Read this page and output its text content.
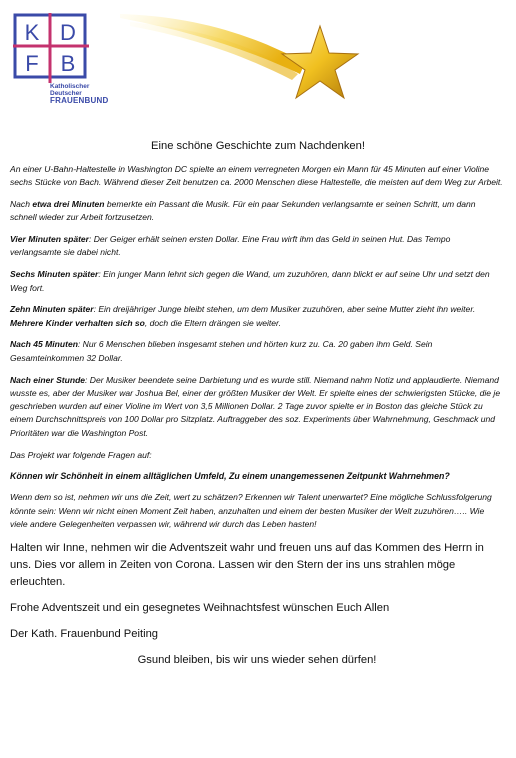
K D
F B
Katholischer Deutscher
FRAUENBUND
Eine schöne Geschichte zum Nachdenken!

An einer U-Bahn-Haltestelle in Washington DC spielte an einem verregneten Morgen ein Mann für 45 Minuten auf einer Violine sechs Stücke von Bach. Während dieser Zeit benutzen ca. 2000 Menschen diese Haltestelle, die meisten auf dem Weg zur Arbeit.

Nach etwa drei Minuten bemerkte ein Passant die Musik. Für ein paar Sekunden verlangsamte er seinen Schritt, um dann schnell wieder zur Arbeit fortzusetzen.

Vier Minuten später: Der Geiger erhält seinen ersten Dollar. Eine Frau wirft ihm das Geld in seinen Hut. Das Tempo verlangsamte sie dabei nicht.

Sechs Minuten später: Ein junger Mann lehnt sich gegen die Wand, um zuzuhören, dann blickt er auf seine Uhr und setzt den Weg fort.

Zehn Minuten später: Ein dreijähriger Junge bleibt stehen, um dem Musiker zuzuhören, aber seine Mutter zieht ihn weiter. Mehrere Kinder verhalten sich so, doch die Eltern drängen sie weiter.

Nach 45 Minuten: Nur 6 Menschen blieben insgesamt stehen und hörten kurz zu. Ca. 20 gaben ihm Geld. Sein Gesamteinkommen 32 Dollar.

Nach einer Stunde: Der Musiker beendete seine Darbietung und es wurde still. Niemand nahm Notiz und applaudierte. Niemand wusste es, aber der Musiker war Joshua Bel, einer der größten Musiker der Welt. Er spielte eines der schwierigsten Stücke, die je geschrieben wurden auf einer Violine im Wert von 3,5 Millionen Dollar. 2 Tage zuvor spielte er in Boston das gleiche Stück zu einem Durchschnittspreis von 100 Dollar pro Sitzplatz. Auftraggeber des soz. Experiments über Wahrnehmung, Geschmack und Prioritäten war die Washington Post.

Das Projekt war folgende Fragen auf:

Können wir Schönheit in einem alltäglichen Umfeld, Zu einem unangemessenen Zeitpunkt Wahrnehmen?

Wenn dem so ist, nehmen wir uns die Zeit, wert zu schätzen? Erkennen wir Talent unerwartet? Eine mögliche Schlussfolgerung könnte sein: Wenn wir nicht einen Moment Zeit haben, anzuhalten und einem der besten Musiker der Welt zuzuhören….. Wie viele andere Gelegenheiten verpassen wir, während wir durch das Leben hasten!

Halten wir Inne, nehmen wir die Adventszeit wahr und freuen uns auf das Kommen des Herrn in uns. Dies vor allem in Zeiten von Corona. Lassen wir den Stern der ins uns strahlen möge erleuchten.

Frohe Adventszeit und ein gesegnetes Weihnachtsfest wünschen Euch Allen

Der Kath. Frauenbund Peiting

Gsund bleiben, bis wir uns wieder sehen dürfen!
